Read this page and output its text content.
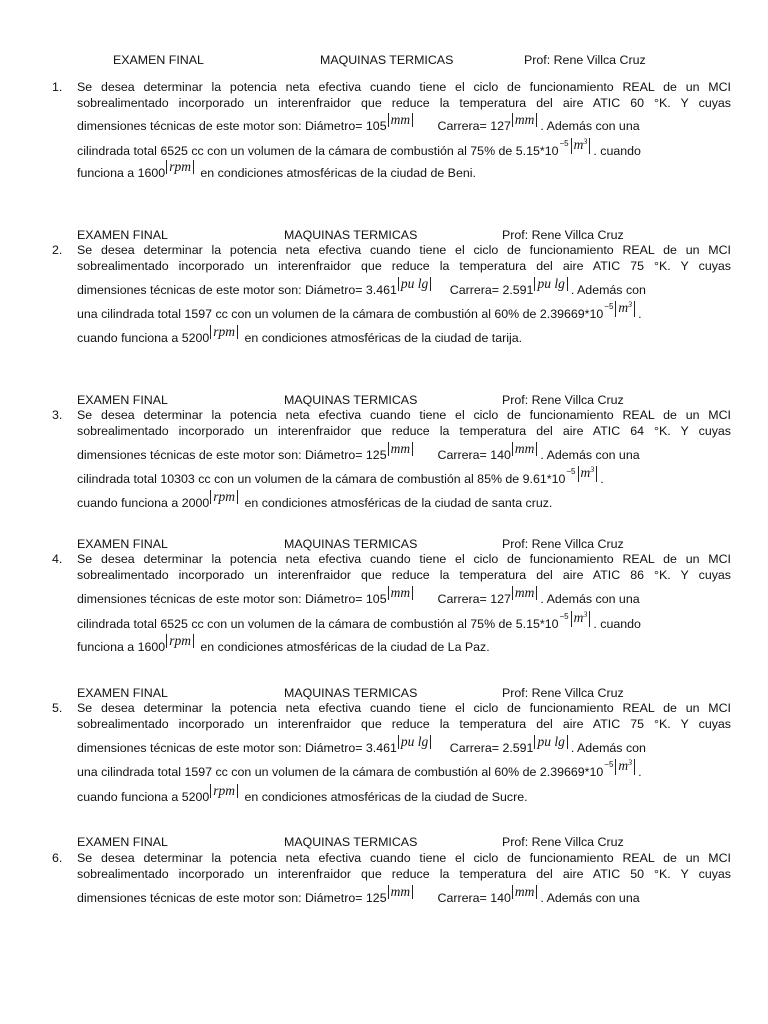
EXAMEN FINAL	MAQUINAS TERMICAS	Prof: Rene Villca Cruz
1. Se desea determinar la potencia neta efectiva cuando tiene el ciclo de funcionamiento REAL de un MCI
sobrealimentado incorporado un interenfraidor que reduce la temperatura del aire ATIC 60 °K. Y cuyas
dimensiones técnicas de este motor son: Diámetro= 105 mm Carrera= 127 mm . Además con una
cilindrada total 6525 cc con un volumen de la cámara de combustión al 75% de $5.15*10^{-5}$ $m^3$. cuando
funciona a 1600 rpm en condiciones atmosféricas de la ciudad de Beni.
EXAMEN FINAL	MAQUINAS TERMICAS	Prof: Rene Villca Cruz
2. Se desea determinar la potencia neta efectiva cuando tiene el ciclo de funcionamiento REAL de un MCI
sobrealimentado incorporado un interenfraidor que reduce la temperatura del aire ATIC 75 °K. Y cuyas
dimensiones técnicas de este motor son: Diámetro= 3.461 pu lg Carrera= 2.591 pu lg . Además con
una cilindrada total 1597 cc con un volumen de la cámara de combustión al 60% de $2.39669*10^{-5}$ $m^3$.
cuando funciona a 5200 rpm en condiciones atmosféricas de la ciudad de tarija.
EXAMEN FINAL	MAQUINAS TERMICAS	Prof: Rene Villca Cruz
3. Se desea determinar la potencia neta efectiva cuando tiene el ciclo de funcionamiento REAL de un MCI
sobrealimentado incorporado un interenfraidor que reduce la temperatura del aire ATIC 64 °K. Y cuyas
dimensiones técnicas de este motor son: Diámetro= 125 mm Carrera= 140 mm . Además con una
cilindrada total 10303 cc con un volumen de la cámara de combustión al 85% de $9.61*10^{-5}$ $m^3$.
cuando funciona a 2000 rpm en condiciones atmosféricas de la ciudad de santa cruz.
EXAMEN FINAL	MAQUINAS TERMICAS	Prof: Rene Villca Cruz
4. Se desea determinar la potencia neta efectiva cuando tiene el ciclo de funcionamiento REAL de un MCI
sobrealimentado incorporado un interenfraidor que reduce la temperatura del aire ATIC 86 °K. Y cuyas
dimensiones técnicas de este motor son: Diámetro= 105 mm Carrera= 127 mm . Además con una
cilindrada total 6525 cc con un volumen de la cámara de combustión al 75% de $5.15*10^{-5}$ $m^3$. cuando
funciona a 1600 rpm en condiciones atmosféricas de la ciudad de La Paz.
EXAMEN FINAL	MAQUINAS TERMICAS	Prof: Rene Villca Cruz
5. Se desea determinar la potencia neta efectiva cuando tiene el ciclo de funcionamiento REAL de un MCI
sobrealimentado incorporado un interenfraidor que reduce la temperatura del aire ATIC 75 °K. Y cuyas
dimensiones técnicas de este motor son: Diámetro= 3.461 pu lg Carrera= 2.591 pu lg . Además con
una cilindrada total 1597 cc con un volumen de la cámara de combustión al 60% de $2.39669*10^{-5}$ $m^3$.
cuando funciona a 5200 rpm en condiciones atmosféricas de la ciudad de Sucre.
EXAMEN FINAL	MAQUINAS TERMICAS	Prof: Rene Villca Cruz
6. Se desea determinar la potencia neta efectiva cuando tiene el ciclo de funcionamiento REAL de un MCI
sobrealimentado incorporado un interenfraidor que reduce la temperatura del aire ATIC 50 °K. Y cuyas
dimensiones técnicas de este motor son: Diámetro= 125 mm Carrera= 140 mm . Además con una
